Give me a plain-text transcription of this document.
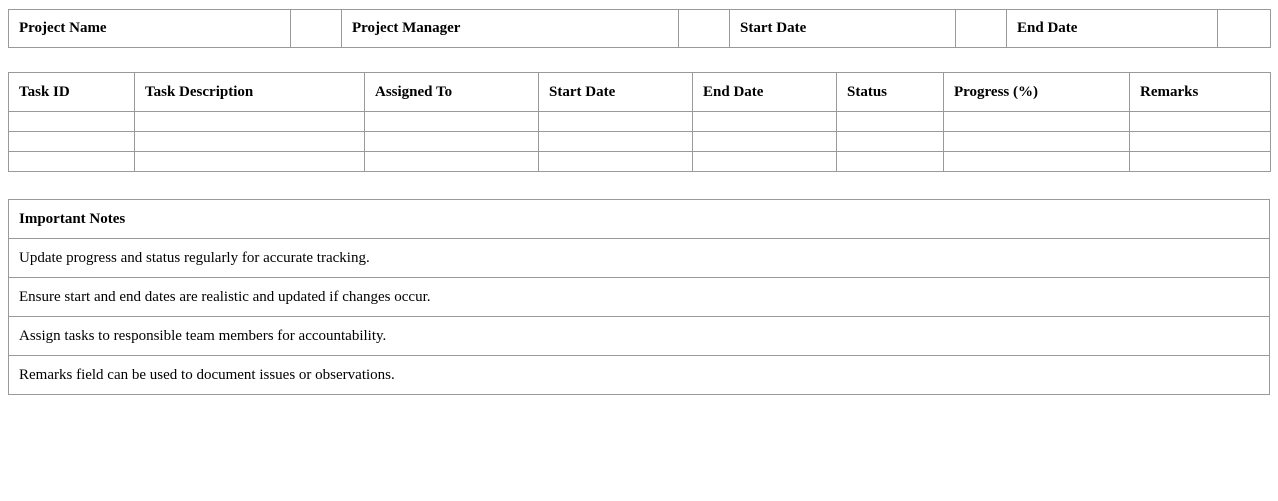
Project Name		Project Manager		Start Date		End Date	
Task ID	Task Description	Assigned To	Start Date	End Date	Status	Progress (%)	Remarks

Important Notes
Update progress and status regularly for accurate tracking.
Ensure start and end dates are realistic and updated if changes occur.
Assign tasks to responsible team members for accountability.
Remarks field can be used to document issues or observations.
